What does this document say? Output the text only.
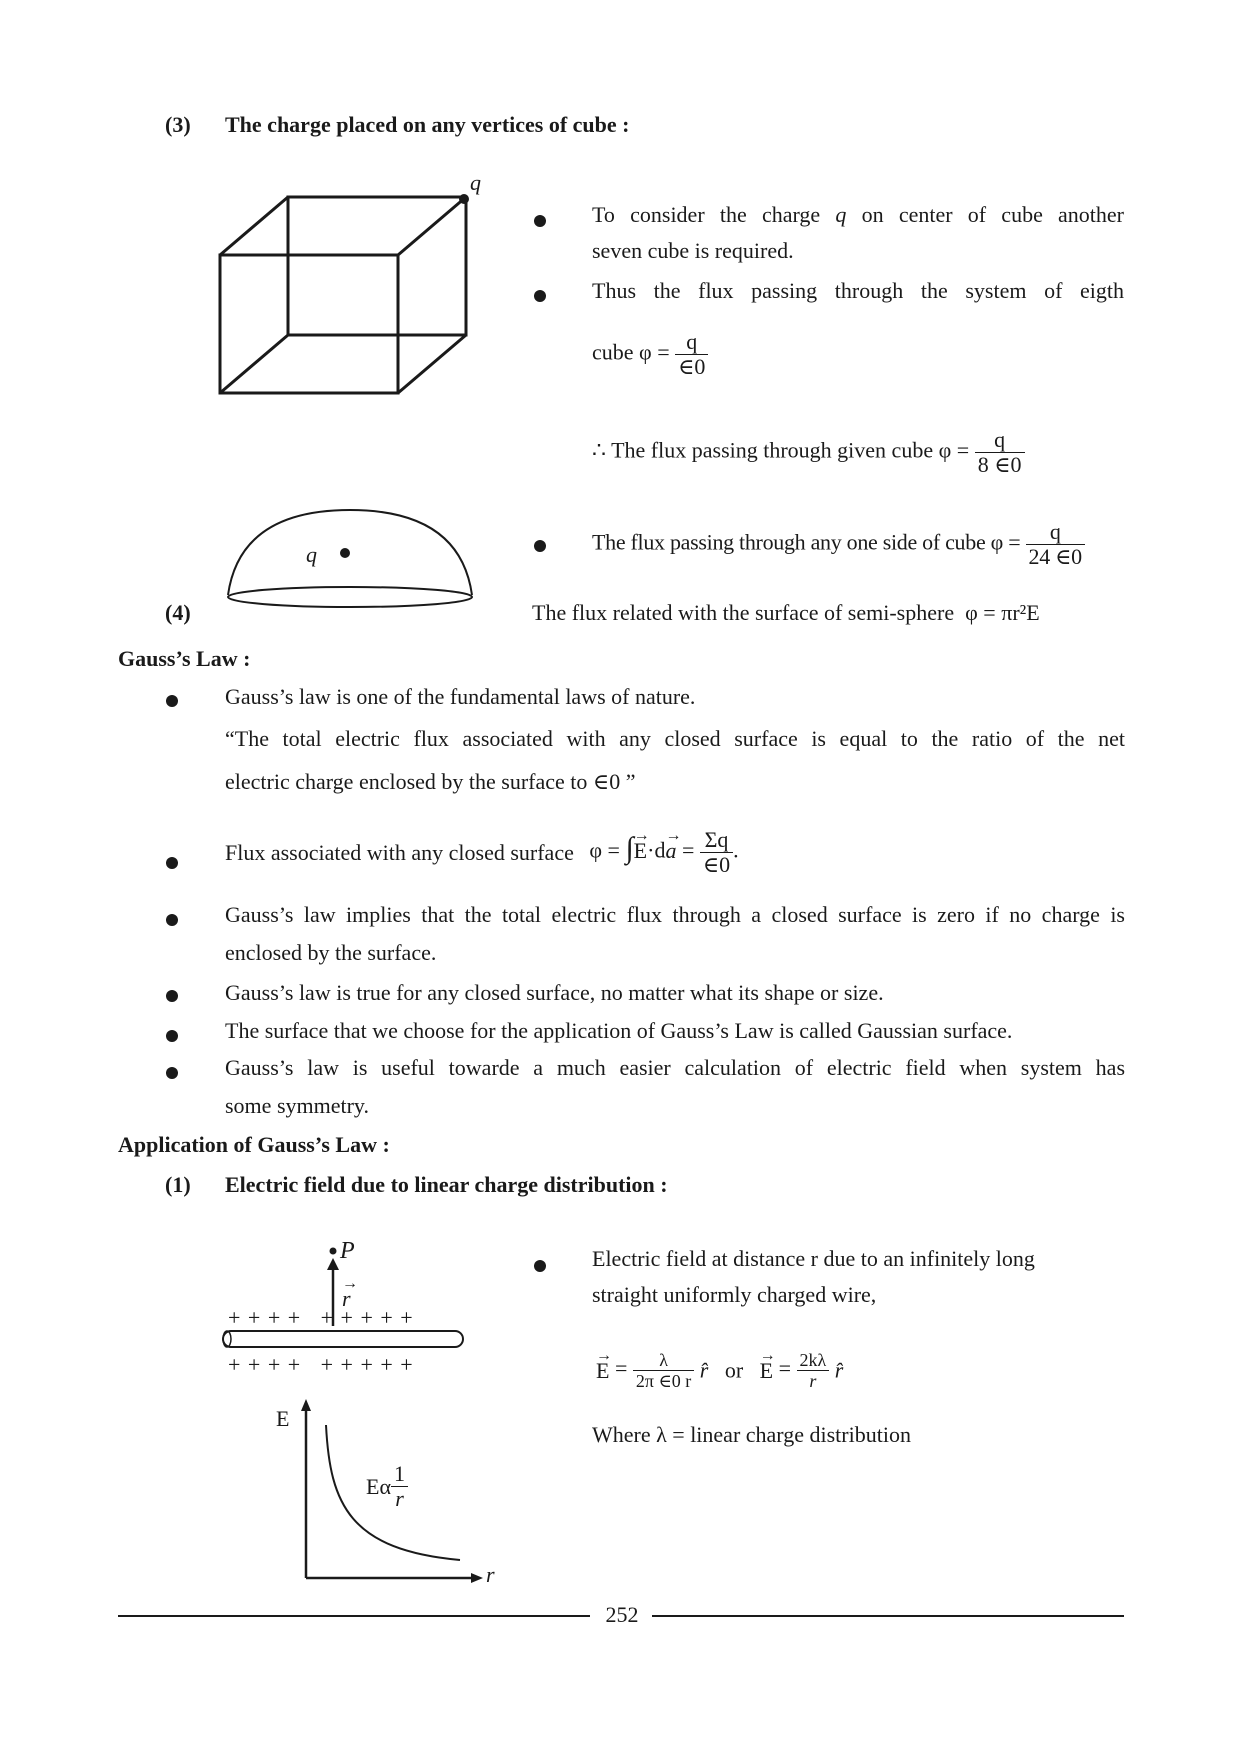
(3) The charge placed on any vertices of cube :
q
To consider the charge q on center of cube another
seven cube is required.
Thus the flux passing through the system of eigth
cube $\varphi = \frac{q}{\in 0}$
∴ The flux passing through given cube $\varphi = \frac{q}{8 \in 0}$
q	The flux passing through any one side of cube $\varphi = \frac{q}{24 \in 0}$
(4)	The flux related with the surface of semi-sphere φ = πr²E
Gauss’s Law :
Gauss’s law is one of the fundamental laws of nature.
“The total electric flux associated with any closed surface is equal to the ratio of the net
electric charge enclosed by the surface to ∈0 ”
Flux associated with any closed surface φ = ∫→ $E\cdot d\to a = \frac{\Sigma q}{\in 0}$ .
Gauss’s law implies that the total electric flux through a closed surface is zero if no charge is
enclosed by the surface.
Gauss’s law is true for any closed surface, no matter what its shape or size.
The surface that we choose for the application of Gauss’s Law is called Gaussian surface.
Gauss’s law is useful towarde a much easier calculation of electric field when system has
some symmetry.
Application of Gauss’s Law :
(1) Electric field due to linear charge distribution :
P
→ r
+ + + +   + + + + +
+ + + +   + + + + +
E
r
Eα $\frac{1}{r}$
Electric field at distance r due to an infinitely long
straight uniformly charged wire,
→ $E = \frac{\lambda}{2\pi \in 0 r}$ r̂ or   → $E = \frac{2k\lambda}{r}$ r̂
Where λ = linear charge distribution
252
